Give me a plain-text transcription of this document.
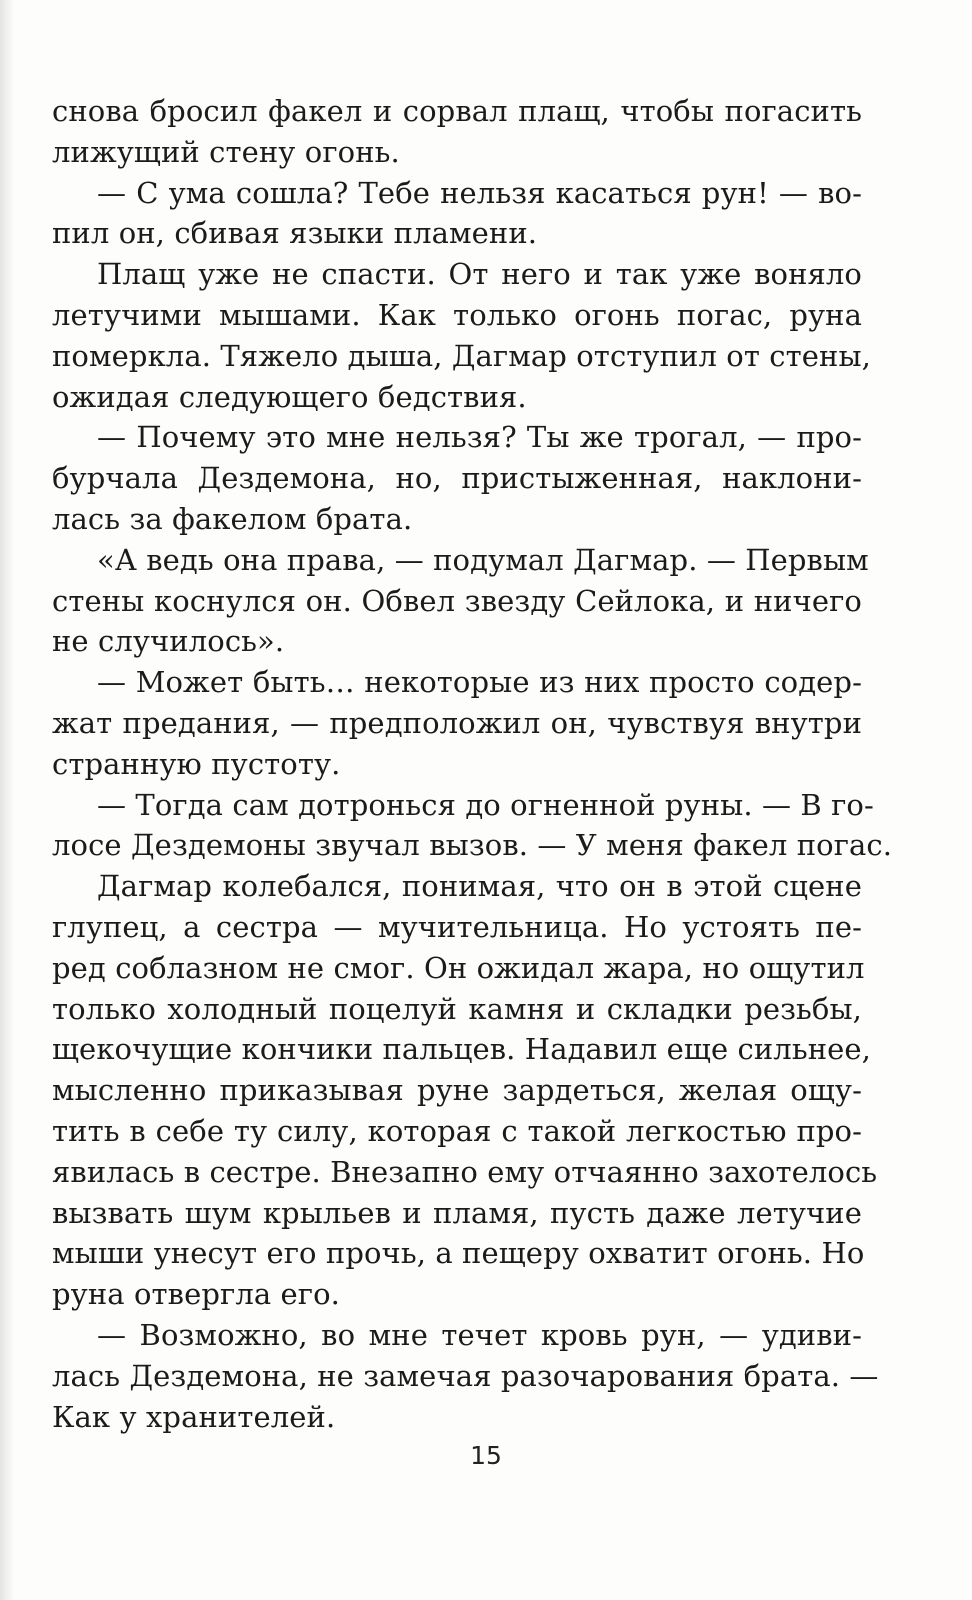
снова бросил факел и сорвал плащ, чтобы погасить
лижущий стену огонь.
— С ума сошла? Тебе нельзя касаться рун! — во-
пил он, сбивая языки пламени.
Плащ уже не спасти. От него и так уже воняло
летучими мышами. Как только огонь погас, руна
померкла. Тяжело дыша, Дагмар отступил от стены,
ожидая следующего бедствия.
— Почему это мне нельзя? Ты же трогал, — про-
бурчала Дездемона, но, пристыженная, наклони-
лась за факелом брата.
«А ведь она права, — подумал Дагмар. — Первым
стены коснулся он. Обвел звезду Сейлока, и ничего
не случилось».
— Может быть… некоторые из них просто содер-
жат предания, — предположил он, чувствуя внутри
странную пустоту.
— Тогда сам дотронься до огненной руны. — В го-
лосе Дездемоны звучал вызов. — У меня факел погас.
Дагмар колебался, понимая, что он в этой сцене
глупец, а сестра — мучительница. Но устоять пе-
ред соблазном не смог. Он ожидал жара, но ощутил
только холодный поцелуй камня и складки резьбы,
щекочущие кончики пальцев. Надавил еще сильнее,
мысленно приказывая руне зардеться, желая ощу-
тить в себе ту силу, которая с такой легкостью про-
явилась в сестре. Внезапно ему отчаянно захотелось
вызвать шум крыльев и пламя, пусть даже летучие
мыши унесут его прочь, а пещеру охватит огонь. Но
руна отвергла его.
— Возможно, во мне течет кровь рун, — удиви-
лась Дездемона, не замечая разочарования брата. —
Как у хранителей.
15
